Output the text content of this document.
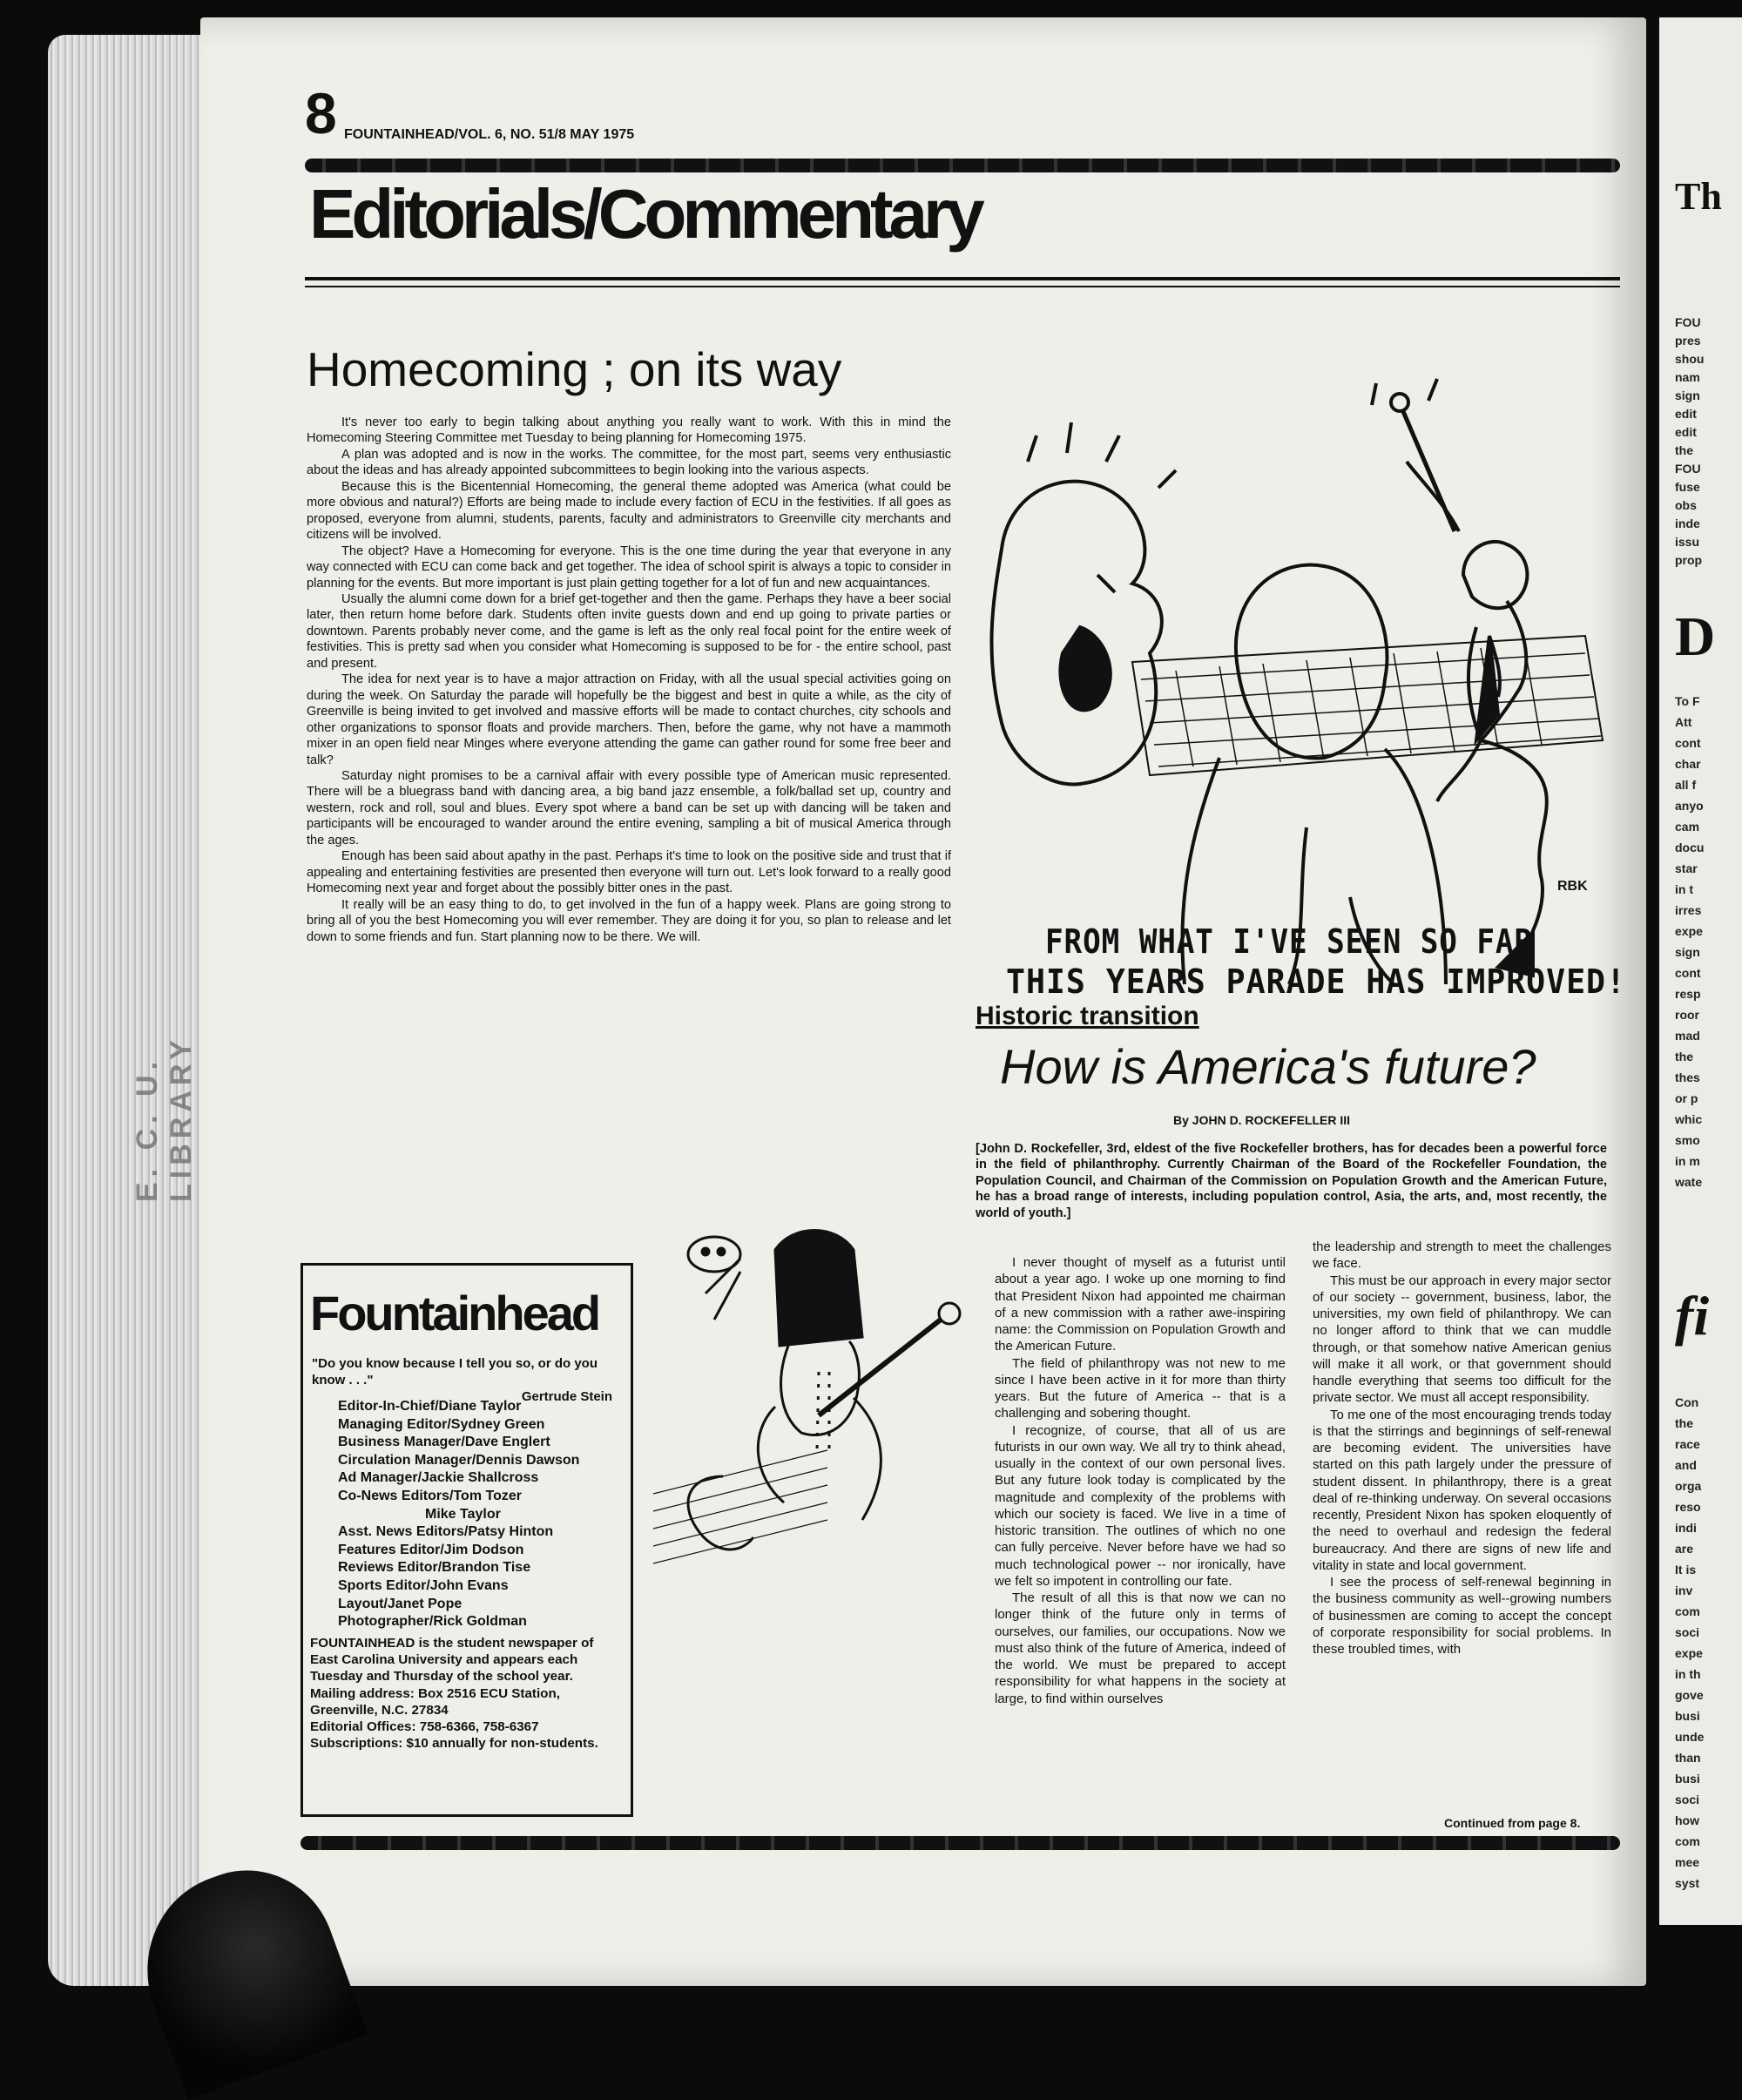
E. C. U. LIBRARY
Th
FOU
pres
shou
nam
sign
edit
edit
the
FOU
fuse
obs
inde
issu
prop
D
To F
Att
cont
char
all f
anyo
cam
docu
star
in t
irres
expe
sign
cont
resp
roor
mad
the
thes
or p
whic
smo
in m
wate
fi
Con
the
race
and
orga
reso
indi
are
It is
inv
com
soci
expe
in th
gove
busi
unde
than
busi
soci
how
com
mee
syst
8 FOUNTAINHEAD/VOL. 6, NO. 51/8 MAY 1975
Editorials/Commentary
Homecoming ; on its way

It's never too early to begin talking about anything you really want to work. With this in mind the Homecoming Steering Committee met Tuesday to being planning for Homecoming 1975.

A plan was adopted and is now in the works. The committee, for the most part, seems very enthusiastic about the ideas and has already appointed subcommittees to begin looking into the various aspects.

Because this is the Bicentennial Homecoming, the general theme adopted was America (what could be more obvious and natural?) Efforts are being made to include every faction of ECU in the festivities. If all goes as proposed, everyone from alumni, students, parents, faculty and administrators to Greenville city merchants and citizens will be involved.

The object? Have a Homecoming for everyone. This is the one time during the year that everyone in any way connected with ECU can come back and get together. The idea of school spirit is always a topic to consider in planning for the events. But more important is just plain getting together for a lot of fun and new acquaintances.

Usually the alumni come down for a brief get-together and then the game. Perhaps they have a beer social later, then return home before dark. Students often invite guests down and end up going to private parties or downtown. Parents probably never come, and the game is left as the only real focal point for the entire week of festivities. This is pretty sad when you consider what Homecoming is supposed to be for - the entire school, past and present.

The idea for next year is to have a major attraction on Friday, with all the usual special activities going on during the week. On Saturday the parade will hopefully be the biggest and best in quite a while, as the city of Greenville is being invited to get involved and massive efforts will be made to contact churches, city schools and other organizations to sponsor floats and provide marchers. Then, before the game, why not have a mammoth mixer in an open field near Minges where everyone attending the game can gather round for some free beer and talk?

Saturday night promises to be a carnival affair with every possible type of American music represented. There will be a bluegrass band with dancing area, a big band jazz ensemble, a folk/ballad set up, country and western, rock and roll, soul and blues. Every spot where a band can be set up with dancing will be taken and participants will be encouraged to wander around the entire evening, sampling a bit of musical America through the ages.

Enough has been said about apathy in the past. Perhaps it's time to look on the positive side and trust that if appealing and entertaining festivities are presented then everyone will turn out. Let's look forward to a really good Homecoming next year and forget about the possibly bitter ones in the past.

It really will be an easy thing to do, to get involved in the fun of a happy week. Plans are going strong to bring all of you the best Homecoming you will ever remember. They are doing it for you, so plan to release and let down to some friends and fun. Start planning now to be there. We will.

RBK
FROM WHAT I'VE SEEN SO FAR
THIS YEARS PARADE HAS IMPROVED!
Fountainhead
"Do you know because I tell you so, or do you know . . ."
Gertrude Stein
Editor-In-Chief/Diane Taylor
Managing Editor/Sydney Green
Business Manager/Dave Englert
Circulation Manager/Dennis Dawson
Ad Manager/Jackie Shallcross
Co-News Editors/Tom Tozer
Mike Taylor
Asst. News Editors/Patsy Hinton
Features Editor/Jim Dodson
Reviews Editor/Brandon Tise
Sports Editor/John Evans
Layout/Janet Pope
Photographer/Rick Goldman
FOUNTAINHEAD is the student newspaper of East Carolina University and appears each Tuesday and Thursday of the school year.
Mailing address: Box 2516 ECU Station, Greenville, N.C. 27834
Editorial Offices: 758-6366, 758-6367
Subscriptions: $10 annually for non-students.
Historic transition
How is America's future?
By JOHN D. ROCKEFELLER III
[John D. Rockefeller, 3rd, eldest of the five Rockefeller brothers, has for decades been a powerful force in the field of philanthrophy. Currently Chairman of the Board of the Rockefeller Foundation, the Population Council, and Chairman of the Commission on Population Growth and the American Future, he has a broad range of interests, including population control, Asia, the arts, and, most recently, the world of youth.]

I never thought of myself as a futurist until about a year ago. I woke up one morning to find that President Nixon had appointed me chairman of a new commission with a rather awe-inspiring name: the Commission on Population Growth and the American Future.

The field of philanthropy was not new to me since I have been active in it for more than thirty years. But the future of America -- that is a challenging and sobering thought.

I recognize, of course, that all of us are futurists in our own way. We all try to think ahead, usually in the context of our own personal lives. But any future look today is complicated by the magnitude and complexity of the problems with which our society is faced. We live in a time of historic transition. The outlines of which no one can fully perceive. Never before have we had so much technological power -- nor ironically, have we felt so impotent in controlling our fate.

The result of all this is that now we can no longer think of the future only in terms of ourselves, our families, our occupations. Now we must also think of the future of America, indeed of the world. We must be prepared to accept responsibility for what happens in the society at large, to find within ourselves

the leadership and strength to meet the challenges we face.

This must be our approach in every major sector of our society -- government, business, labor, the universities, my own field of philanthropy. We can no longer afford to think that we can muddle through, or that somehow native American genius will make it all work, or that government should handle everything that seems too difficult for the private sector. We must all accept responsibility.

To me one of the most encouraging trends today is that the stirrings and beginnings of self-renewal are becoming evident. The universities have started on this path largely under the pressure of student dissent. In philanthropy, there is a great deal of re-thinking underway. On several occasions recently, President Nixon has spoken eloquently of the need to overhaul and redesign the federal bureaucracy. And there are signs of new life and vitality in state and local government.

I see the process of self-renewal beginning in the business community as well--growing numbers of businessmen are coming to accept the concept of corporate responsibility for social problems. In these troubled times, with

Continued from page 8.
